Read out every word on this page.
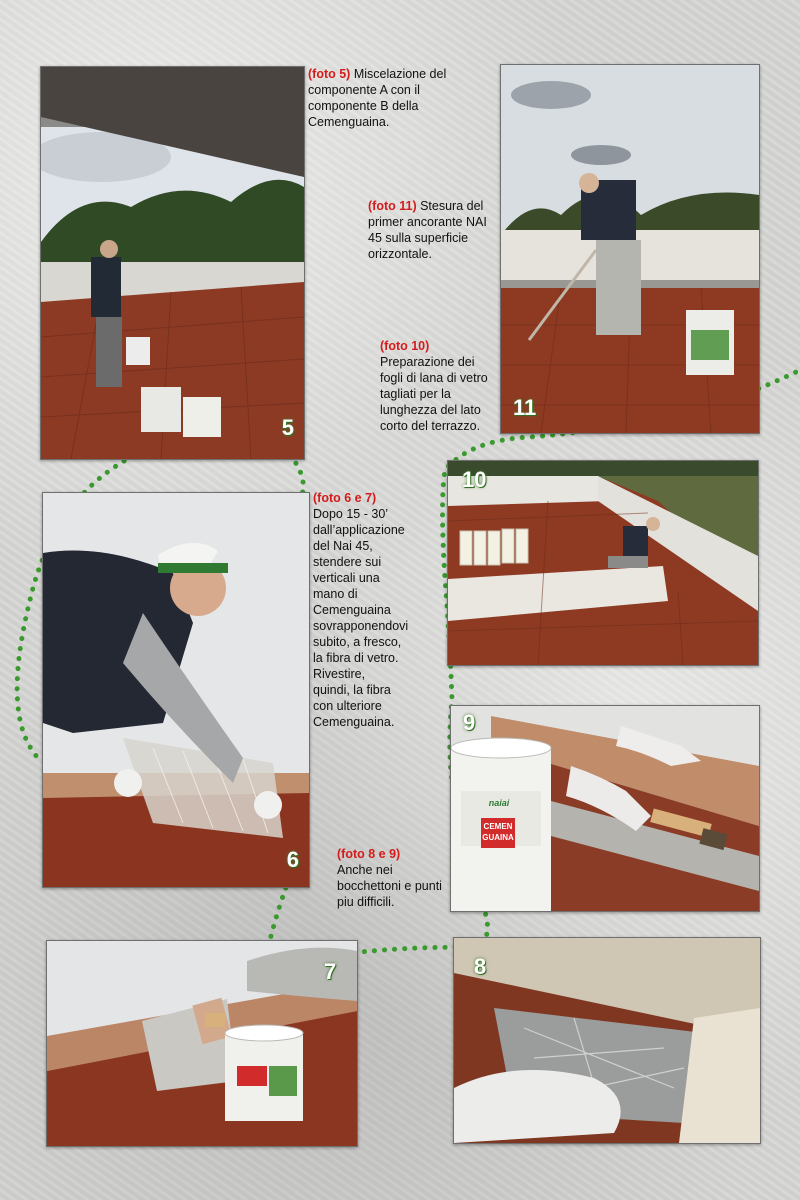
5
(foto 5) Miscelazione del componente A con il componente B della Cemenguaina.
(foto 11) Stesura del primer ancorante NAI 45 sulla superficie orizzontale.
(foto 10) Preparazione dei fogli di lana di vetro tagliati per la lunghezza del lato corto del terrazzo.
11
10
6
(foto 6 e 7)
Dopo 15 - 30’ dall’applicazione del Nai 45, stendere sui verticali una mano di Cemenguaina sovrapponendovi subito, a fresco, la fibra di vetro. Rivestire, quindi, la fibra con ulteriore Cemenguaina.
CEMEN
GUAINA
naiai
9
(foto 8 e 9)
Anche nei bocchettoni e punti piu difficili.
7	8
